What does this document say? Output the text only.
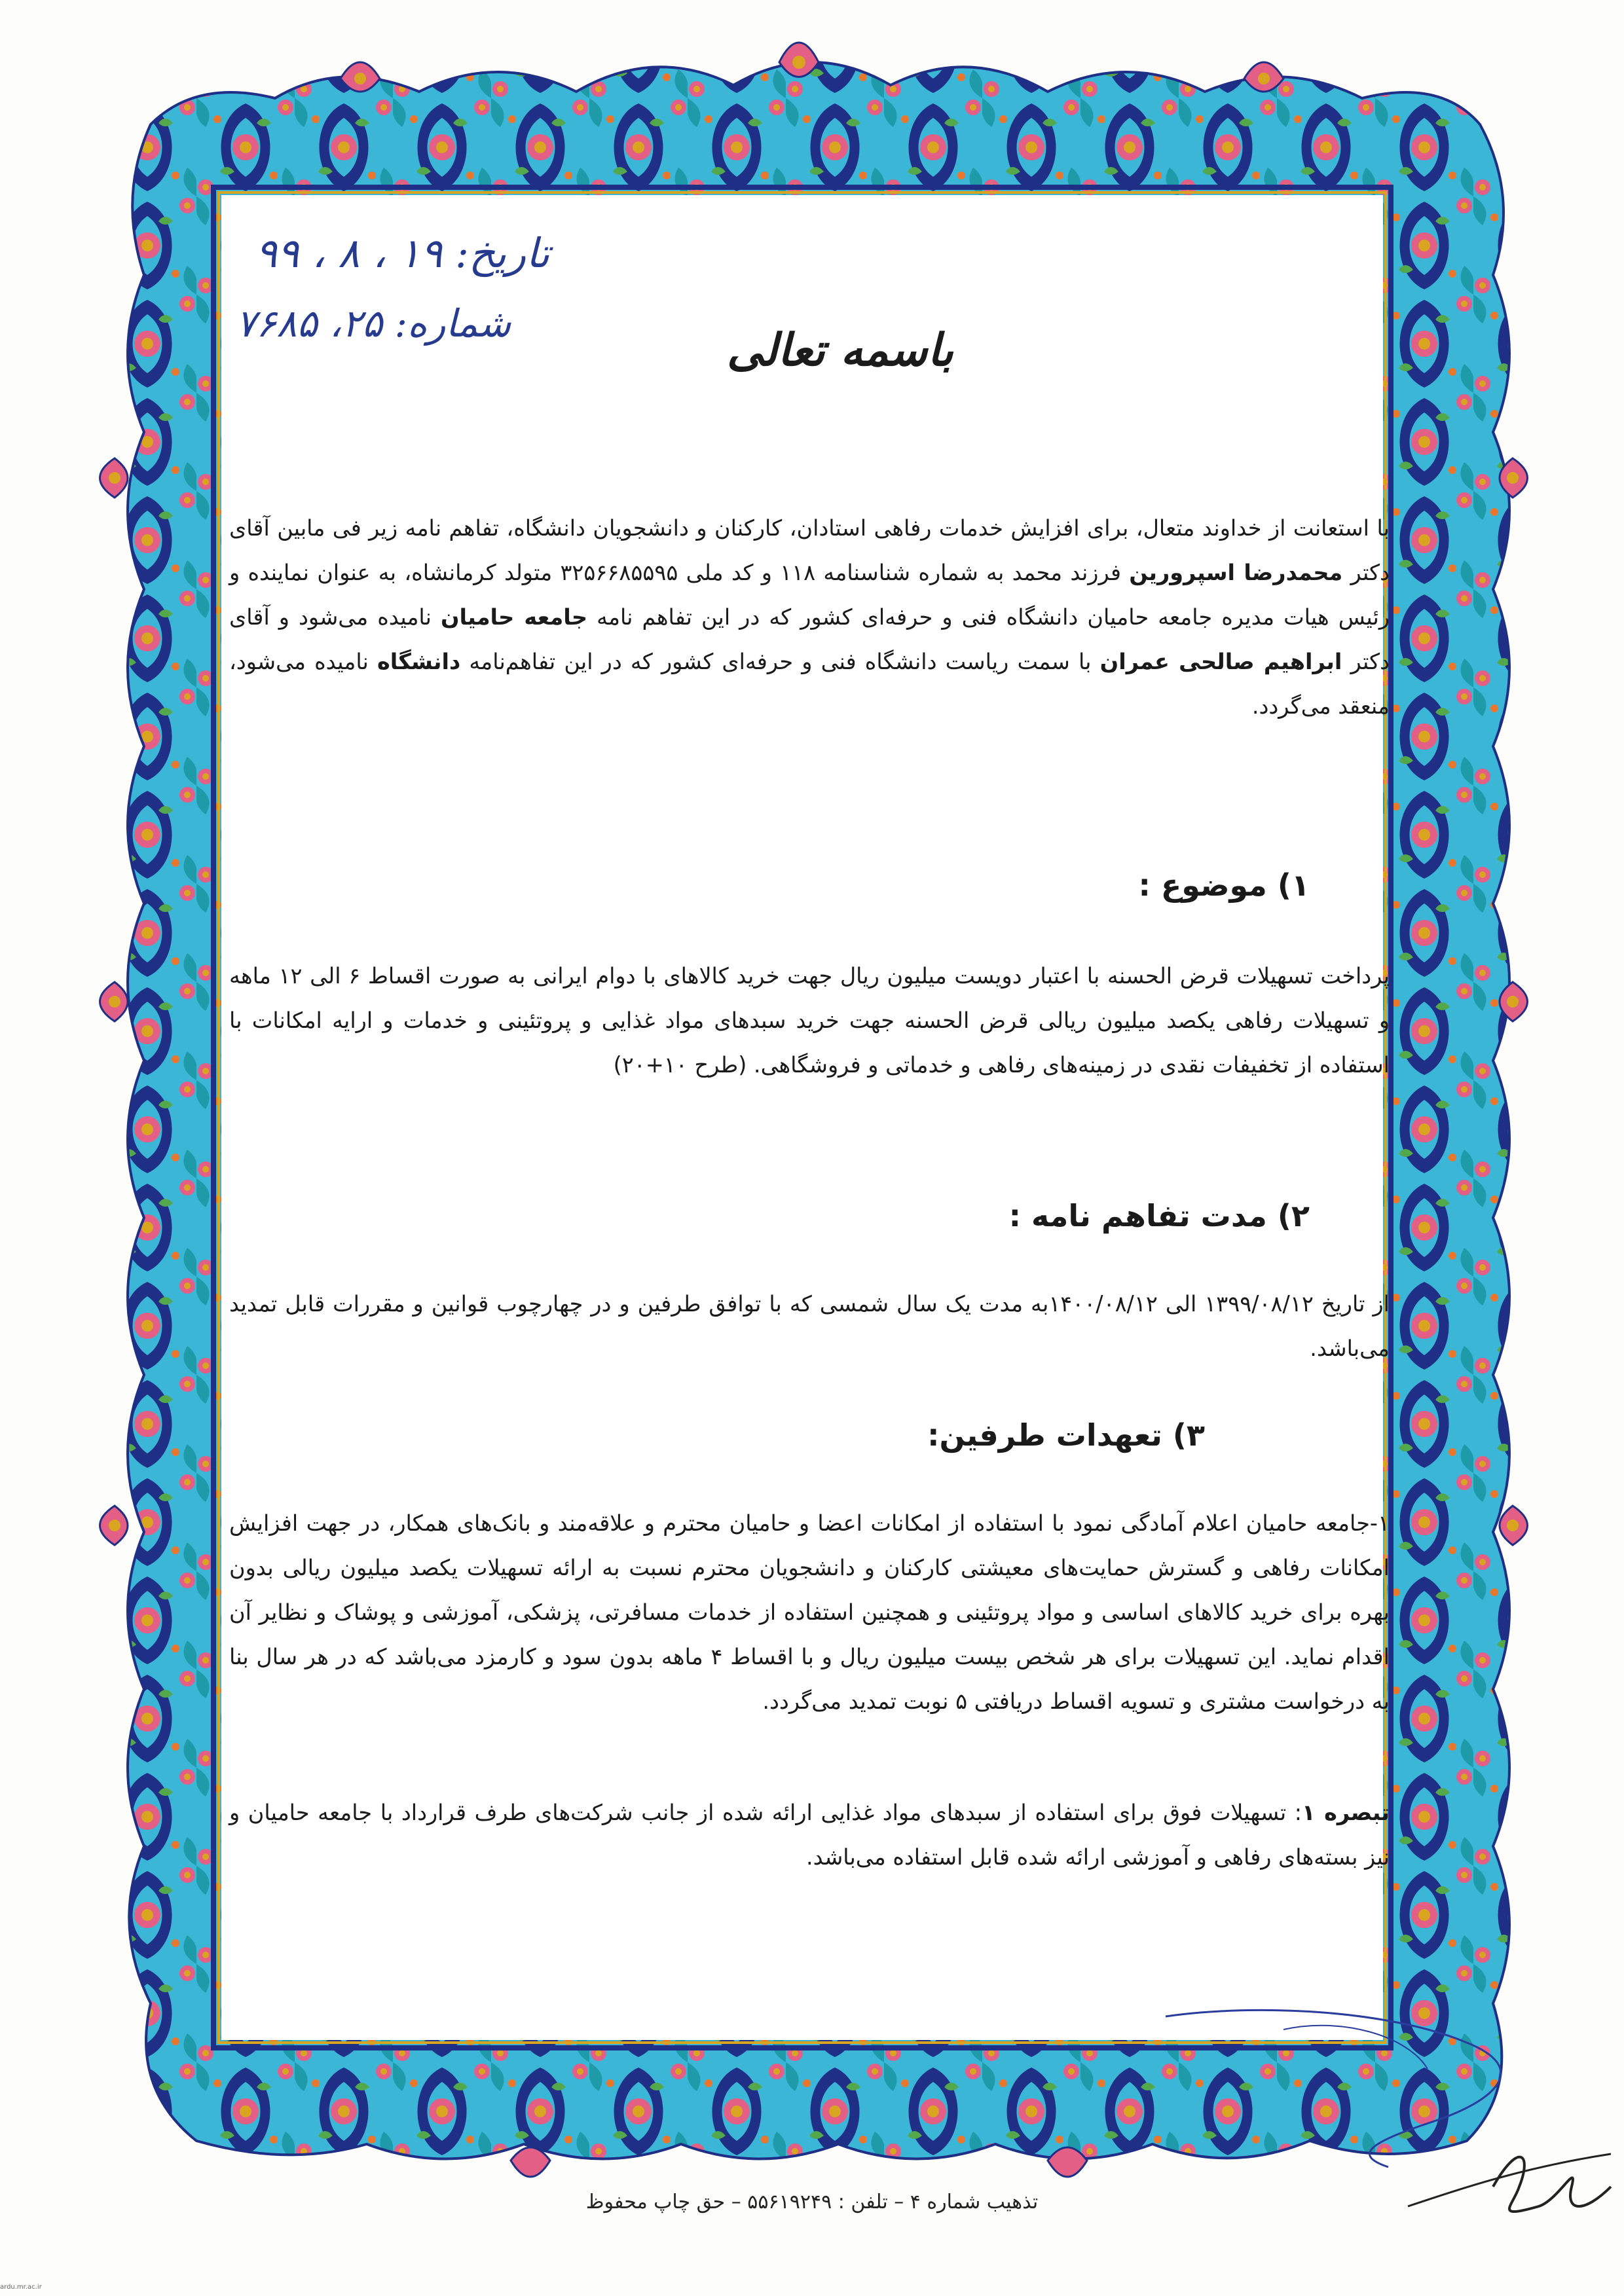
تاریخ: ۱۹ ، ۸ ، ۹۹
شماره: ۲۵، ۷۶۸۵
باسمه تعالی
با استعانت از خداوند متعال، برای افزایش خدمات رفاهی استادان، کارکنان و دانشجویان دانشگاه، تفاهم نامه زیر فی مابین آقای دکتر محمدرضا اسپرورین فرزند محمد به شماره شناسنامه ۱۱۸ و کد ملی ۳۲۵۶۶۸۵۵۹۵ متولد کرمانشاه، به عنوان نماینده و رئیس هیات مدیره جامعه حامیان دانشگاه فنی و حرفه‌ای کشور که در این تفاهم نامه جامعه حامیان نامیده می‌شود و آقای دکتر ابراهیم صالحی عمران با سمت ریاست دانشگاه فنی و حرفه‌ای کشور که در این تفاهم‌نامه دانشگاه نامیده می‌شود، منعقد می‌گردد.
۱) موضوع :
پرداخت تسهیلات قرض الحسنه با اعتبار دویست میلیون ریال جهت خرید کالاهای با دوام ایرانی به صورت اقساط ۶ الی ۱۲ ماهه و تسهیلات رفاهی یکصد میلیون ریالی قرض الحسنه جهت خرید سبدهای مواد غذایی و پروتئینی و خدمات و ارایه امکانات با استفاده از تخفیفات نقدی در زمینه‌های رفاهی و خدماتی و فروشگاهی. (طرح ۱۰+۲۰)
۲) مدت تفاهم نامه :
از تاریخ ۱۳۹۹/۰۸/۱۲ الی ۱۴۰۰/۰۸/۱۲به مدت یک سال شمسی که با توافق طرفین و در چهارچوب قوانین و مقررات قابل تمدید می‌باشد.
۳) تعهدات طرفین:
۱-جامعه حامیان اعلام آمادگی نمود با استفاده از امکانات اعضا و حامیان محترم و علاقه‌مند و بانک‌های همکار، در جهت افزایش امکانات رفاهی و گسترش حمایت‌های معیشتی کارکنان و دانشجویان محترم نسبت به ارائه تسهیلات یکصد میلیون ریالی بدون بهره برای خرید کالاهای اساسی و مواد پروتئینی و همچنین استفاده از خدمات مسافرتی، پزشکی، آموزشی و پوشاک و نظایر آن اقدام نماید. این تسهیلات برای هر شخص بیست میلیون ریال و با اقساط ۴ ماهه بدون سود و کارمزد می‌باشد که در هر سال بنا به درخواست مشتری و تسویه اقساط دریافتی ۵ نوبت تمدید می‌گردد.
تبصره ۱: تسهیلات فوق برای استفاده از سبدهای مواد غذایی ارائه شده از جانب شرکت‌های طرف قرارداد با جامعه حامیان و نیز بسته‌های رفاهی و آموزشی ارائه شده قابل استفاده می‌باشد.
تذهیب شماره ۴ – تلفن : ۵۵۶۱۹۲۴۹ – حق چاپ محفوظ
ardu.mr.ac.ir
